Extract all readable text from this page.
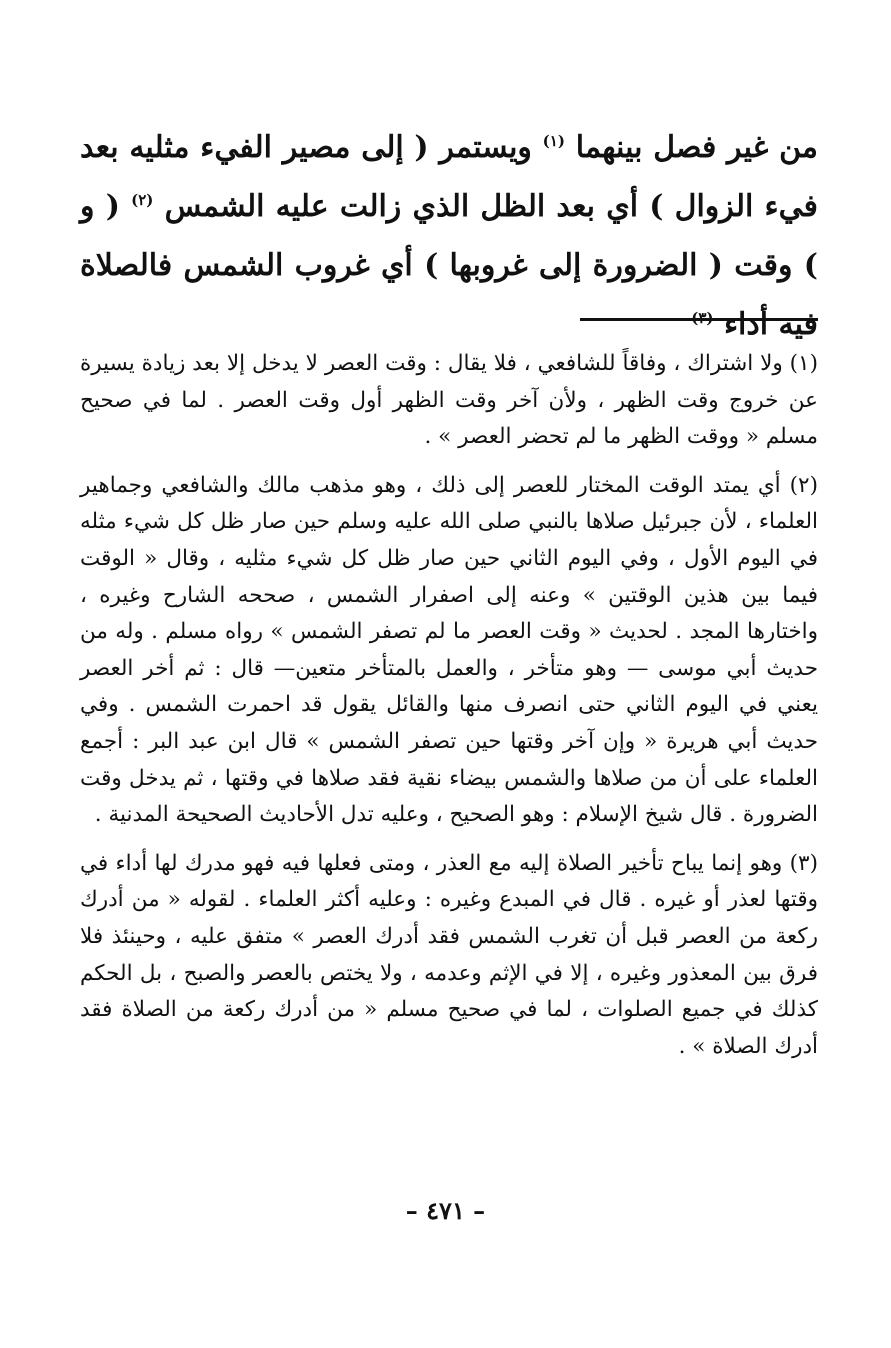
من غير فصل بينهما $^{(١)}$ ويستمر ( إلى مصير الفيء مثليه بعد فيء الزوال ) أي بعد الظل الذي زالت عليه الشمس $^{(٢)}$ ( و ) وقت ( الضرورة إلى غروبها ) أي غروب الشمس فالصلاة فيه أداء $^{(٣)}$

(١) ولا اشتراك ، وفاقاً للشافعي ، فلا يقال : وقت العصر لا يدخل إلا بعد زيادة يسيرة عن خروج وقت الظهر ، ولأن آخر وقت الظهر أول وقت العصر . لما في صحيح مسلم « ووقت الظهر ما لم تحضر العصر » .

(٢) أي يمتد الوقت المختار للعصر إلى ذلك ، وهو مذهب مالك والشافعي وجماهير العلماء ، لأن جبرئيل صلاها بالنبي صلى الله عليه وسلم حين صار ظل كل شيء مثله في اليوم الأول ، وفي اليوم الثاني حين صار ظل كل شيء مثليه ، وقال « الوقت فيما بين هذين الوقتين » وعنه إلى اصفرار الشمس ، صححه الشارح وغيره ، واختارها المجد . لحديث « وقت العصر ما لم تصفر الشمس » رواه مسلم . وله من حديث أبي موسى — وهو متأخر ، والعمل بالمتأخر متعين— قال : ثم أخر العصر يعني في اليوم الثاني حتى انصرف منها والقائل يقول قد احمرت الشمس . وفي حديث أبي هريرة « وإن آخر وقتها حين تصفر الشمس » قال ابن عبد البر : أجمع العلماء على أن من صلاها والشمس بيضاء نقية فقد صلاها في وقتها ، ثم يدخل وقت الضرورة . قال شيخ الإسلام : وهو الصحيح ، وعليه تدل الأحاديث الصحيحة المدنية .

(٣) وهو إنما يباح تأخير الصلاة إليه مع العذر ، ومتى فعلها فيه فهو مدرك لها أداء في وقتها لعذر أو غيره . قال في المبدع وغيره : وعليه أكثر العلماء . لقوله « من أدرك ركعة من العصر قبل أن تغرب الشمس فقد أدرك العصر » متفق عليه ، وحينئذ فلا فرق بين المعذور وغيره ، إلا في الإثم وعدمه ، ولا يختص بالعصر والصبح ، بل الحكم كذلك في جميع الصلوات ، لما في صحيح مسلم « من أدرك ركعة من الصلاة فقد أدرك الصلاة » .

– ٤٧١ –
